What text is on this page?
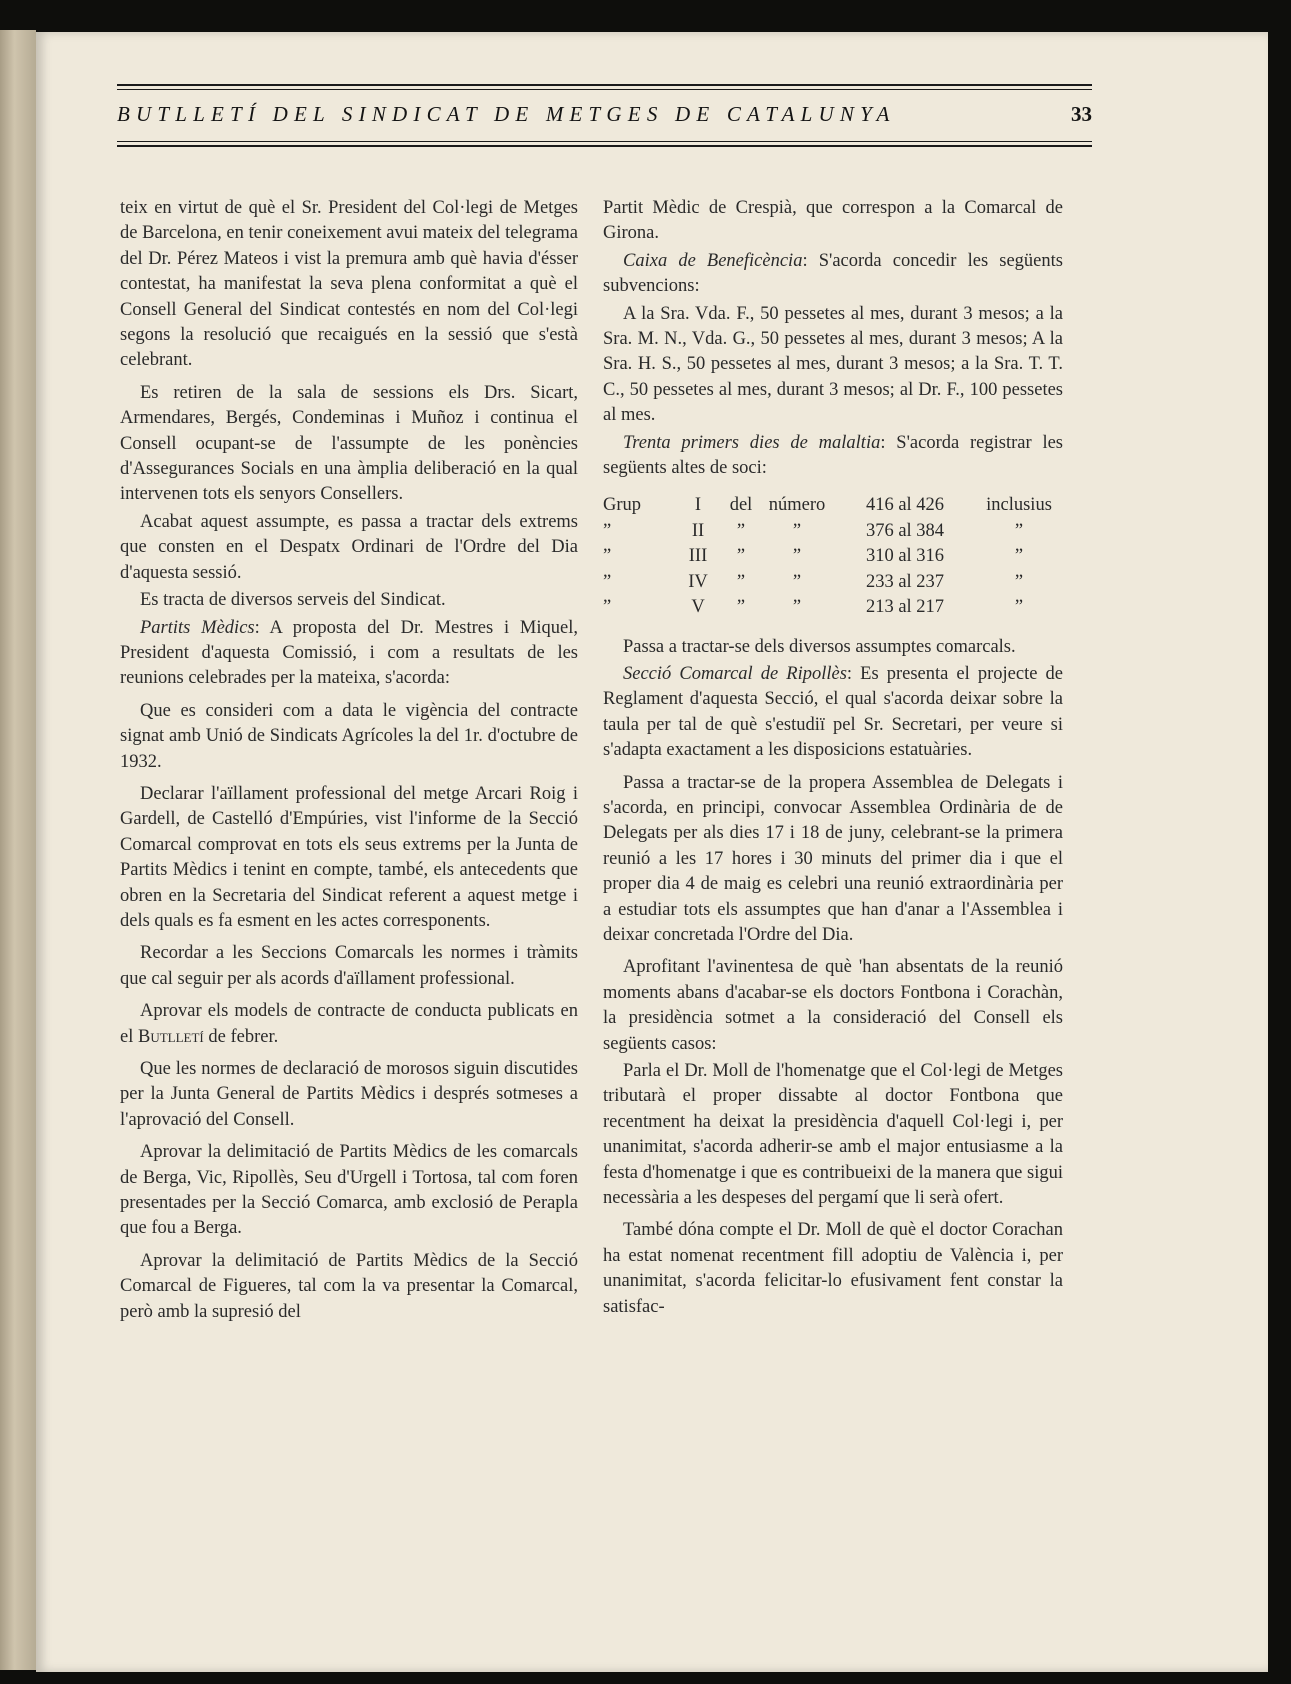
BUTLLETÍ DEL SINDICAT DE METGES DE CATALUNYA	33

teix en virtut de què el Sr. President del Col·legi de Metges de Barcelona, en tenir coneixement avui mateix del telegrama del Dr. Pérez Mateos i vist la premura amb què havia d'ésser contestat, ha manifestat la seva plena conformitat a què el Consell General del Sindicat contestés en nom del Col·legi segons la resolució que recaigués en la sessió que s'està celebrant.

Es retiren de la sala de sessions els Drs. Sicart, Armendares, Bergés, Condeminas i Muñoz i continua el Consell ocupant-se de l'assumpte de les ponències d'Assegurances Socials en una àmplia deliberació en la qual intervenen tots els senyors Consellers.

Acabat aquest assumpte, es passa a tractar dels extrems que consten en el Despatx Ordinari de l'Ordre del Dia d'aquesta sessió.

Es tracta de diversos serveis del Sindicat.

Partits Mèdics: A proposta del Dr. Mestres i Miquel, President d'aquesta Comissió, i com a resultats de les reunions celebrades per la mateixa, s'acorda:

Que es consideri com a data le vigència del contracte signat amb Unió de Sindicats Agrícoles la del 1r. d'octubre de 1932.

Declarar l'aïllament professional del metge Arcari Roig i Gardell, de Castelló d'Empúries, vist l'informe de la Secció Comarcal comprovat en tots els seus extrems per la Junta de Partits Mèdics i tenint en compte, també, els antecedents que obren en la Secretaria del Sindicat referent a aquest metge i dels quals es fa esment en les actes corresponents.

Recordar a les Seccions Comarcals les normes i tràmits que cal seguir per als acords d'aïllament professional.

Aprovar els models de contracte de conducta publicats en el Butlletí de febrer.

Que les normes de declaració de morosos siguin discutides per la Junta General de Partits Mèdics i després sotmeses a l'aprovació del Consell.

Aprovar la delimitació de Partits Mèdics de les comarcals de Berga, Vic, Ripollès, Seu d'Urgell i Tortosa, tal com foren presentades per la Secció Comarca, amb exclosió de Perapla que fou a Berga.

Aprovar la delimitació de Partits Mèdics de la Secció Comarcal de Figueres, tal com la va presentar la Comarcal, però amb la supresió del

Partit Mèdic de Crespià, que correspon a la Comarcal de Girona.

Caixa de Beneficència: S'acorda concedir les següents subvencions:

A la Sra. Vda. F., 50 pessetes al mes, durant 3 mesos; a la Sra. M. N., Vda. G., 50 pessetes al mes, durant 3 mesos; A la Sra. H. S., 50 pessetes al mes, durant 3 mesos; a la Sra. T. T. C., 50 pessetes al mes, durant 3 mesos; al Dr. F., 100 pessetes al mes.

Trenta primers dies de malaltia: S'acorda registrar les següents altes de soci:

Grup	I	del	número	416 al 426	inclusius
”	II	”	”	376 al 384	”
”	III	”	”	310 al 316	”
”	IV	”	”	233 al 237	”
”	V	”	”	213 al 217	”

Passa a tractar-se dels diversos assumptes comarcals.

Secció Comarcal de Ripollès: Es presenta el projecte de Reglament d'aquesta Secció, el qual s'acorda deixar sobre la taula per tal de què s'estudiï pel Sr. Secretari, per veure si s'adapta exactament a les disposicions estatuàries.

Passa a tractar-se de la propera Assemblea de Delegats i s'acorda, en principi, convocar Assemblea Ordinària de de Delegats per als dies 17 i 18 de juny, celebrant-se la primera reunió a les 17 hores i 30 minuts del primer dia i que el proper dia 4 de maig es celebri una reunió extraordinària per a estudiar tots els assumptes que han d'anar a l'Assemblea i deixar concretada l'Ordre del Dia.

Aprofitant l'avinentesa de què 'han absentats de la reunió moments abans d'acabar-se els doctors Fontbona i Corachàn, la presidència sotmet a la consideració del Consell els següents casos:

Parla el Dr. Moll de l'homenatge que el Col·legi de Metges tributarà el proper dissabte al doctor Fontbona que recentment ha deixat la presidència d'aquell Col·legi i, per unanimitat, s'acorda adherir-se amb el major entusiasme a la festa d'homenatge i que es contribueixi de la manera que sigui necessària a les despeses del pergamí que li serà ofert.

També dóna compte el Dr. Moll de què el doctor Corachan ha estat nomenat recentment fill adoptiu de València i, per unanimitat, s'acorda felicitar-lo efusivament fent constar la satisfac-
